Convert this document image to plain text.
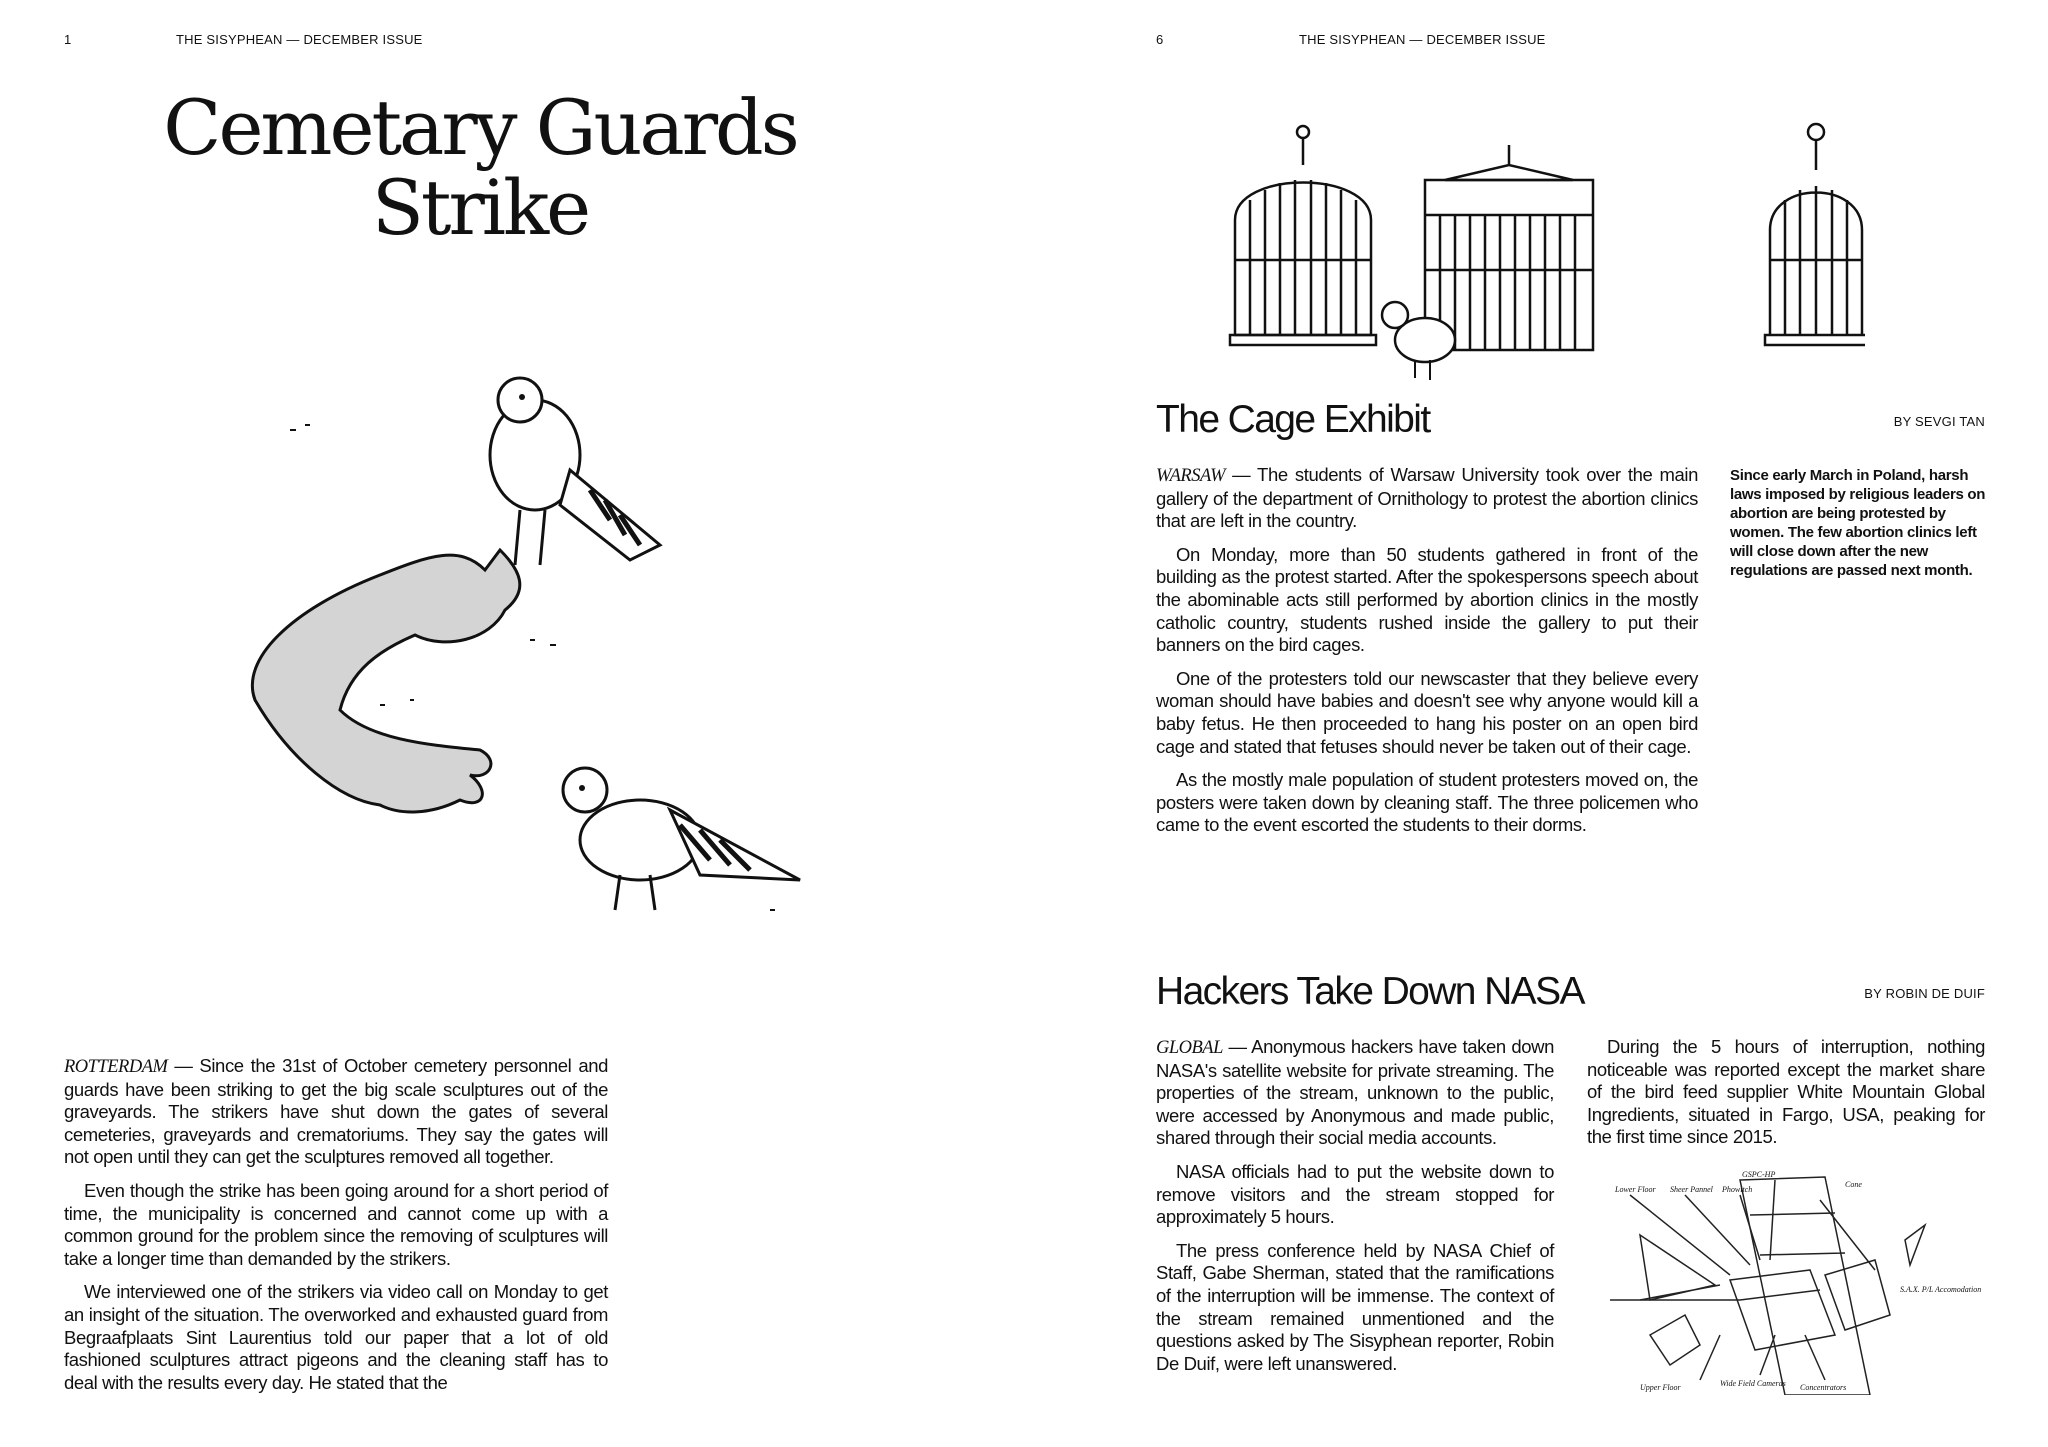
1	THE SISYPHEAN — DECEMBER ISSUE
Cemetary Guards
Strike

ROTTERDAM — Since the 31st of October cemetery personnel and guards have been striking to get the big scale sculptures out of the graveyards. The strikers have shut down the gates of several cemeteries, graveyards and crematoriums. They say the gates will not open until they can get the sculptures removed all together.

Even though the strike has been going around for a short period of time, the municipality is concerned and cannot come up with a common ground for the problem since the removing of sculptures will take a longer time than demanded by the strikers.

We interviewed one of the strikers via video call on Monday to get an insight of the situation. The overworked and exhausted guard from Begraafplaats Sint Laurentius told our paper that a lot of old fashioned sculptures attract pigeons and the cleaning staff has to deal with the results every day. He stated that the

6	THE SISYPHEAN — DECEMBER ISSUE
The Cage Exhibit	BY SEVGI TAN

WARSAW — The students of Warsaw University took over the main gallery of the department of Ornithology to protest the abortion clinics that are left in the country.

On Monday, more than 50 students gathered in front of the building as the protest started. After the spokespersons speech about the abominable acts still performed by abortion clinics in the mostly catholic country, students rushed inside the gallery to put their banners on the bird cages.

One of the protesters told our newscaster that they believe every woman should have babies and doesn't see why anyone would kill a baby fetus. He then proceeded to hang his poster on an open bird cage and stated that fetuses should never be taken out of their cage.

As the mostly male population of student protesters moved on, the posters were taken down by cleaning staff. The three policemen who came to the event escorted the students to their dorms.

Since early March in Poland, harsh laws imposed by religious leaders on abortion are being protested by women. The few abortion clinics left will close down after the new regulations are passed next month.
Hackers Take Down NASA	BY ROBIN DE DUIF

GLOBAL — Anonymous hackers have taken down NASA's satellite website for private streaming. The properties of the stream, unknown to the public, were accessed by Anonymous and made public, shared through their social media accounts.

NASA officials had to put the website down to remove visitors and the stream stopped for approximately 5 hours.

The press conference held by NASA Chief of Staff, Gabe Sherman, stated that the ramifications of the interruption will be immense. The context of the stream remained unmentioned and the questions asked by The Sisyphean reporter, Robin De Duif, were left unanswered.

During the 5 hours of interruption, nothing noticeable was reported except the market share of the bird feed supplier White Mountain Global Ingredients, situated in Fargo, USA, peaking for the first time since 2015.

Lower Floor Sheer Pannel Phowitch
GSPC-HP
Cone
S.A.X. P/L Accomodation
Upper Floor	Wide Field Cameras Concentrators
